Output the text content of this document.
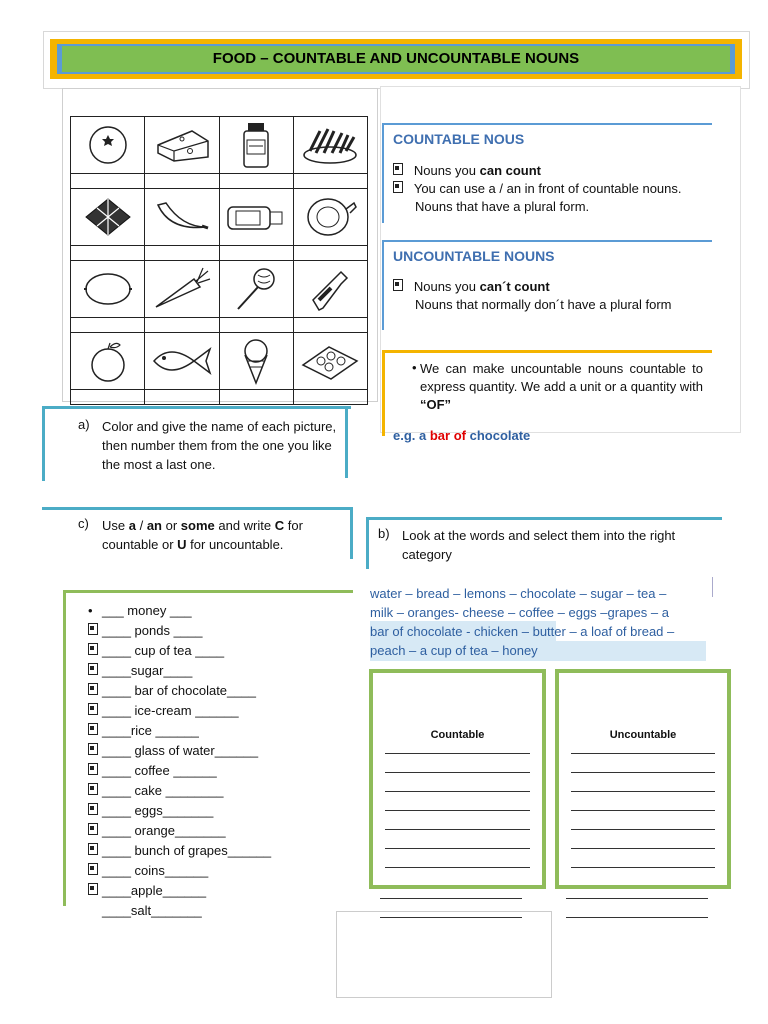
FOOD – COUNTABLE AND UNCOUNTABLE NOUNS

COUNTABLE NOUS
Nouns you can count
You can use a / an in front of countable nouns.
Nouns that have a plural form.
UNCOUNTABLE NOUNS
Nouns you can´t count
Nouns that normally don´t have a plural form
• We can make uncountable nouns countable to express quantity. We add a unit or a quantity with “OF”
e.g. a bar of chocolate
a) Color and give the name of each picture, then number them from the one you like the most a last one.
c) Use a / an or some and write C for countable or U for uncountable.
b) Look at the words and select them into the right category
water – bread – lemons – chocolate – sugar – tea –
milk – oranges- cheese – coffee – eggs –grapes – a
bar of chocolate - chicken – butter – a loaf of bread –
peach – a cup of tea – honey
• ___ money ___
____ ponds ____
____ cup of tea ____
____sugar____
____ bar of chocolate____
____ ice-cream ______
____rice ______
____ glass of water______
____ coffee ______
____ cake ________
____ eggs_______
____ orange_______
____ bunch of grapes______
____ coins______
____apple______
____salt_______
Countable	Uncountable
